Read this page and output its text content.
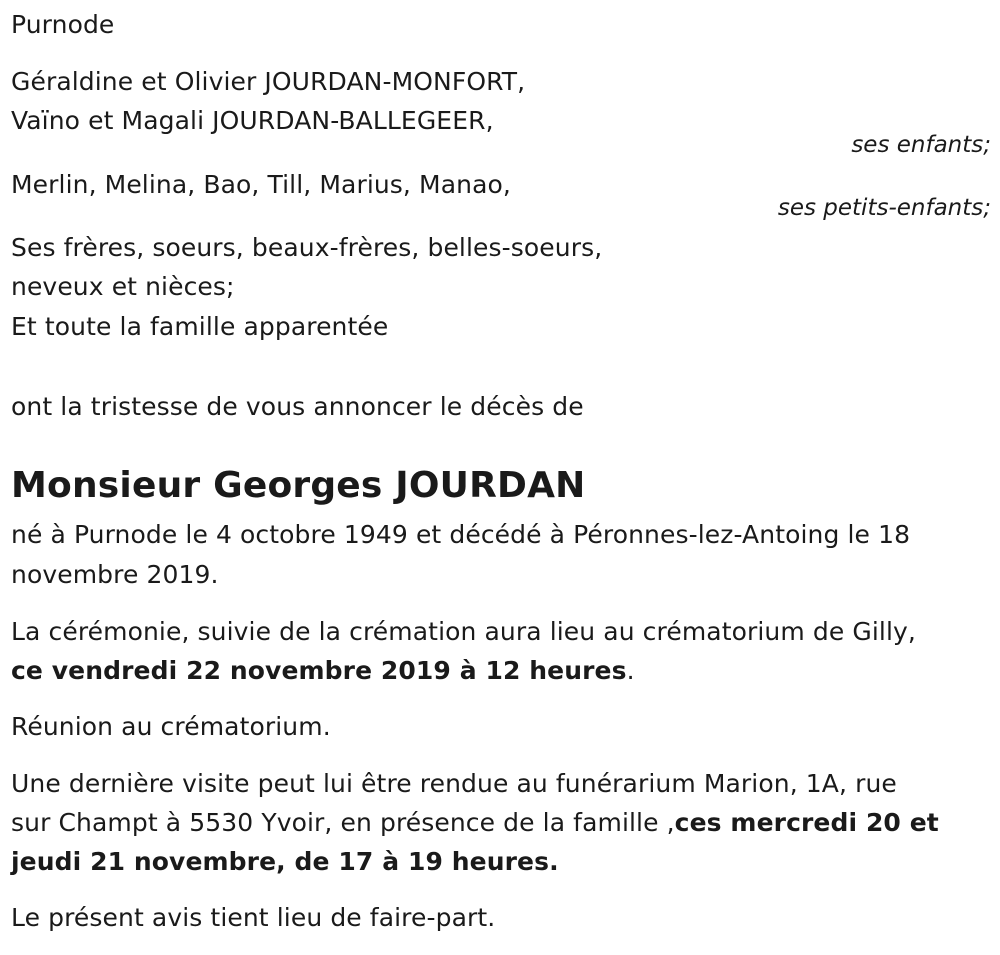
Purnode
Géraldine et Olivier JOURDAN-MONFORT,
Vaïno et Magali JOURDAN-BALLEGEER,
ses enfants;
Merlin, Melina, Bao, Till, Marius, Manao,
ses petits-enfants;
Ses frères, soeurs, beaux-frères, belles-soeurs,
neveux et nièces;
Et toute la famille apparentée
ont la tristesse de vous annoncer le décès de
Monsieur Georges JOURDAN
né à Purnode le 4 octobre 1949 et décédé à Péronnes-lez-Antoing le 18
novembre 2019.
La cérémonie, suivie de la crémation aura lieu au crématorium de Gilly,
ce vendredi 22 novembre 2019 à 12 heures.
Réunion au crématorium.
Une dernière visite peut lui être rendue au funérarium Marion, 1A, rue
sur Champt à 5530 Yvoir, en présence de la famille ,ces mercredi 20 et
jeudi 21 novembre, de 17 à 19 heures.
Le présent avis tient lieu de faire-part.
